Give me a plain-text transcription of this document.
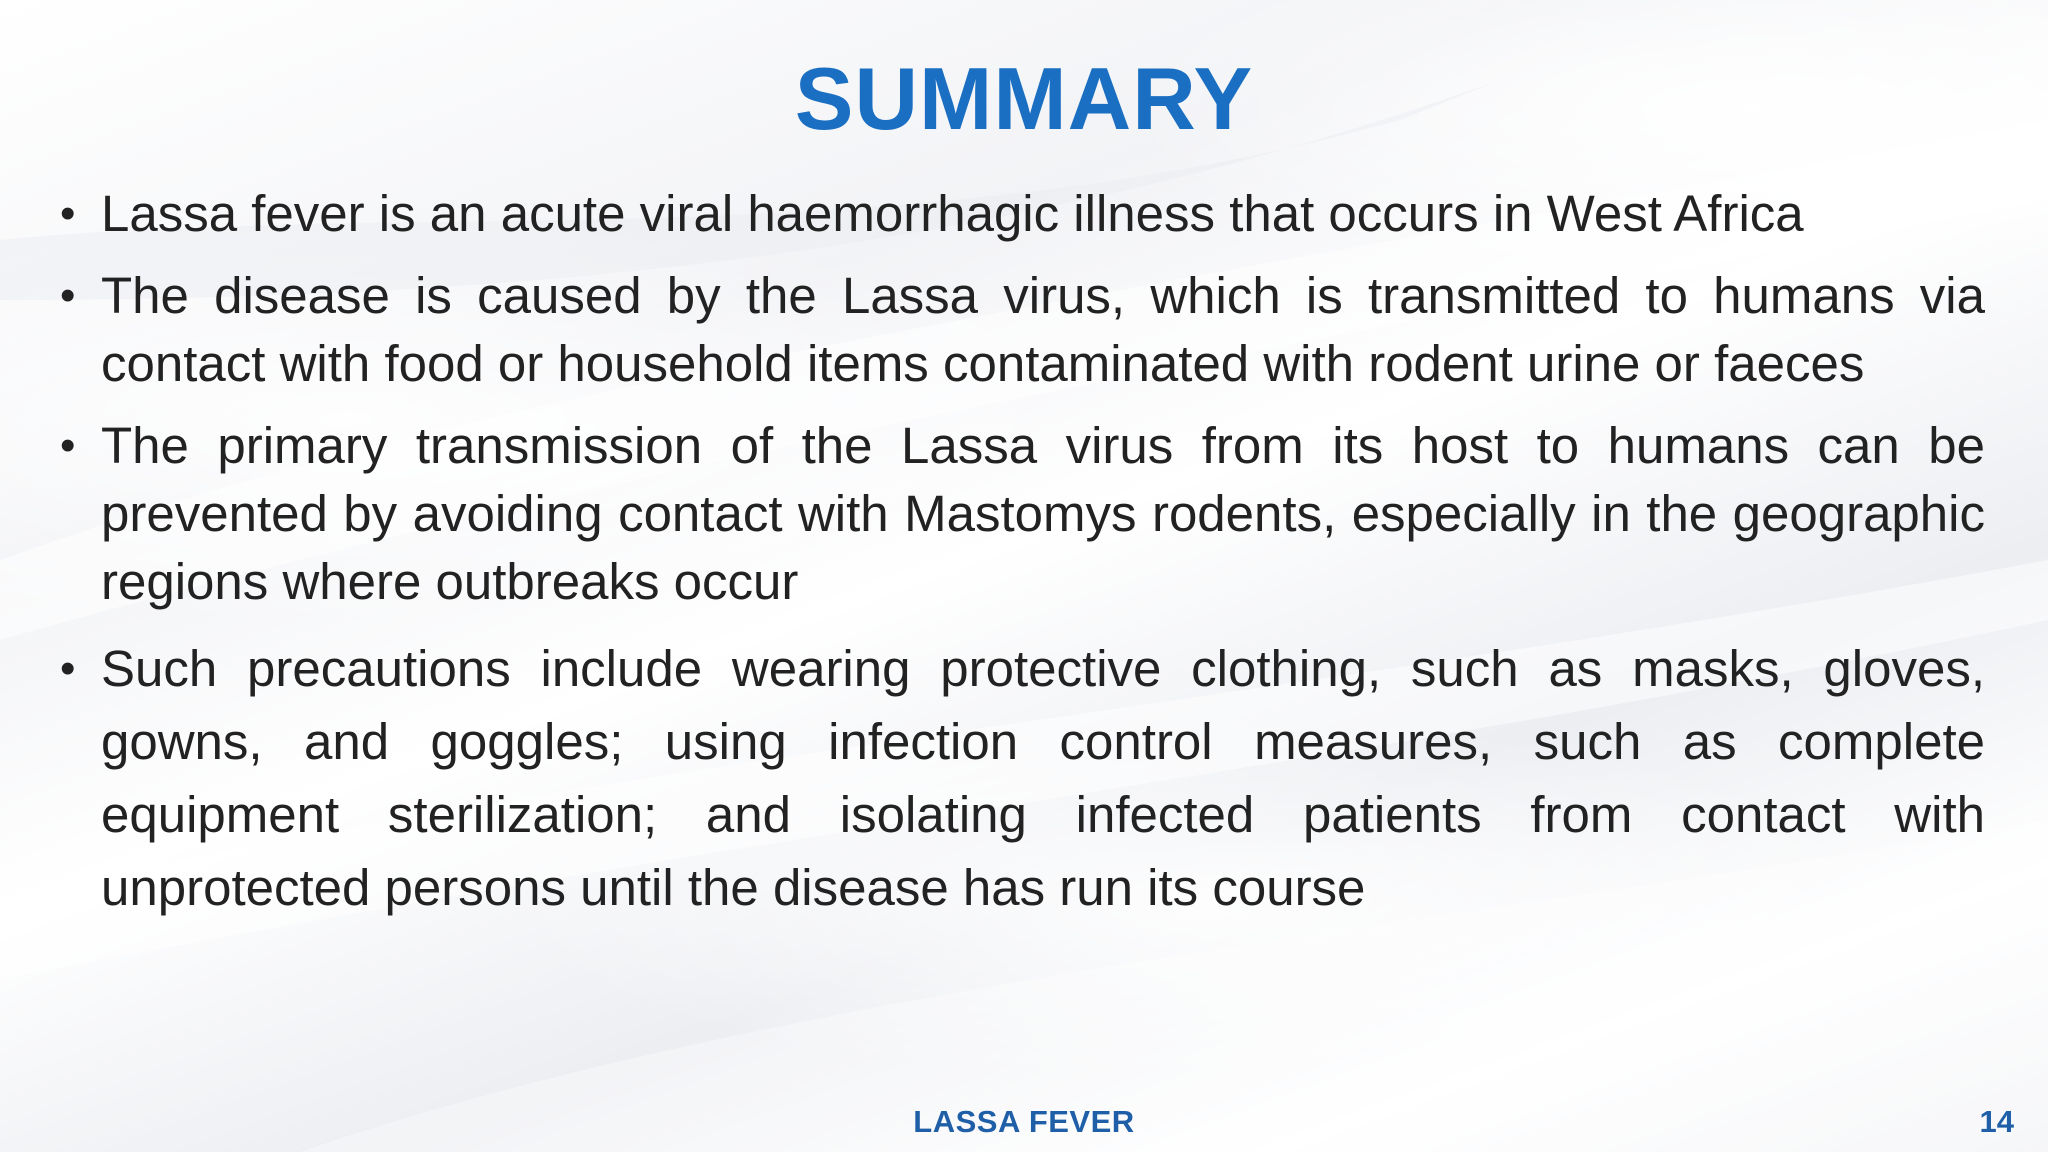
SUMMARY
• Lassa fever is an acute viral haemorrhagic illness that occurs in West Africa
• The disease is caused by the Lassa virus, which is transmitted to humans via contact with food or household items contaminated with rodent urine or faeces
• The primary transmission of the Lassa virus from its host to humans can be prevented by avoiding contact with Mastomys rodents, especially in the geographic regions where outbreaks occur
• Such precautions include wearing protective clothing, such as masks, gloves, gowns, and goggles; using infection control measures, such as complete equipment sterilization; and isolating infected patients from contact with unprotected persons until the disease has run its course
LASSA FEVER	14
